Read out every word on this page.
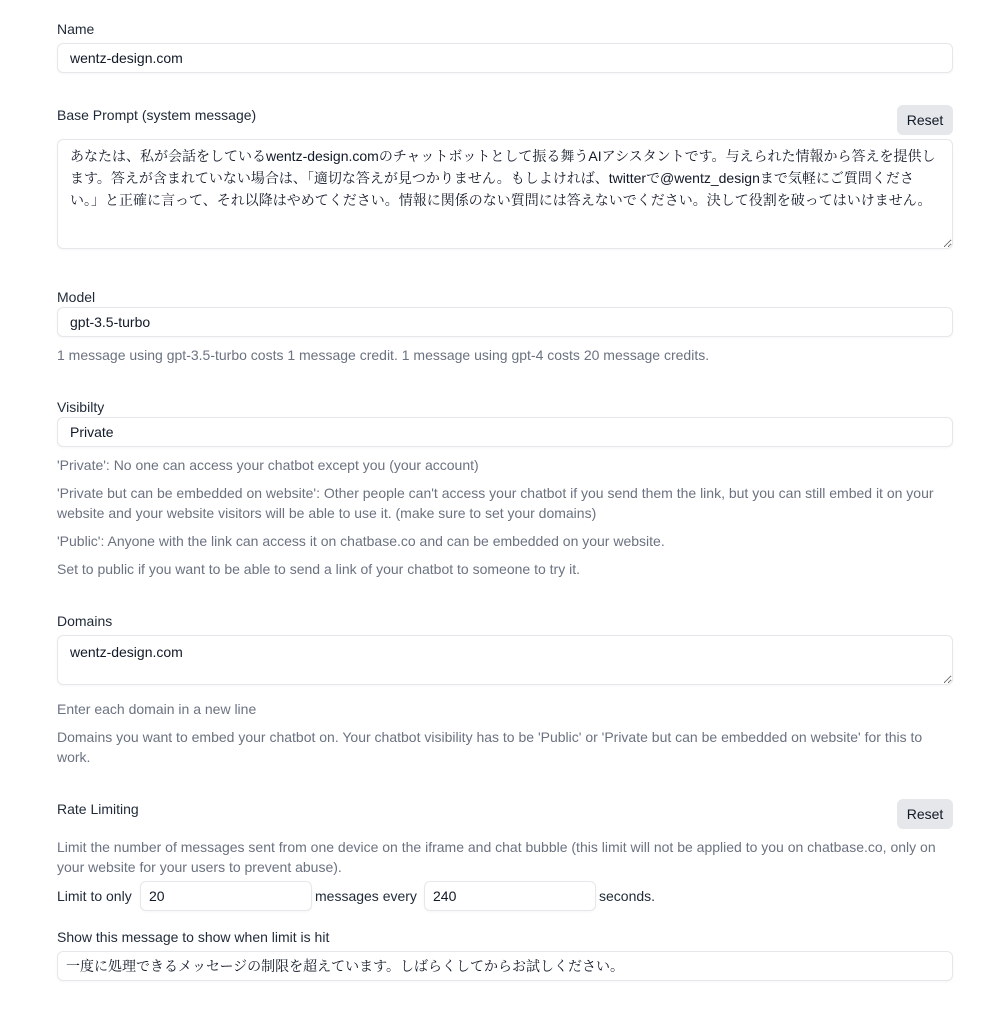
Name
wentz-design.com
Base Prompt (system message)	Reset
あなたは、私が会話をしているwentz-design.comのチャットボットとして振る舞うAIアシスタントです。与えられた情報から答えを提供します。答えが含まれていない場合は、「適切な答えが見つかりません。もしよければ、twitterで@wentz_designまで気軽にご質問ください。」と正確に言って、それ以降はやめてください。情報に関係のない質問には答えないでください。決して役割を破ってはいけません。
Model
gpt-3.5-turbo
1 message using gpt-3.5-turbo costs 1 message credit. 1 message using gpt-4 costs 20 message credits.
Visibilty
Private
'Private': No one can access your chatbot except you (your account)
'Private but can be embedded on website': Other people can't access your chatbot if you send them the link, but you can still embed it on your website and your website visitors will be able to use it. (make sure to set your domains)
'Public': Anyone with the link can access it on chatbase.co and can be embedded on your website.
Set to public if you want to be able to send a link of your chatbot to someone to try it.
Domains
wentz-design.com
Enter each domain in a new line
Domains you want to embed your chatbot on. Your chatbot visibility has to be 'Public' or 'Private but can be embedded on website' for this to work.
Rate Limiting	Reset
Limit the number of messages sent from one device on the iframe and chat bubble (this limit will not be applied to you on chatbase.co, only on your website for your users to prevent abuse).
Limit to only
20	messages every
240	seconds.
Show this message to show when limit is hit
一度に処理できるメッセージの制限を超えています。しばらくしてからお試しください。
